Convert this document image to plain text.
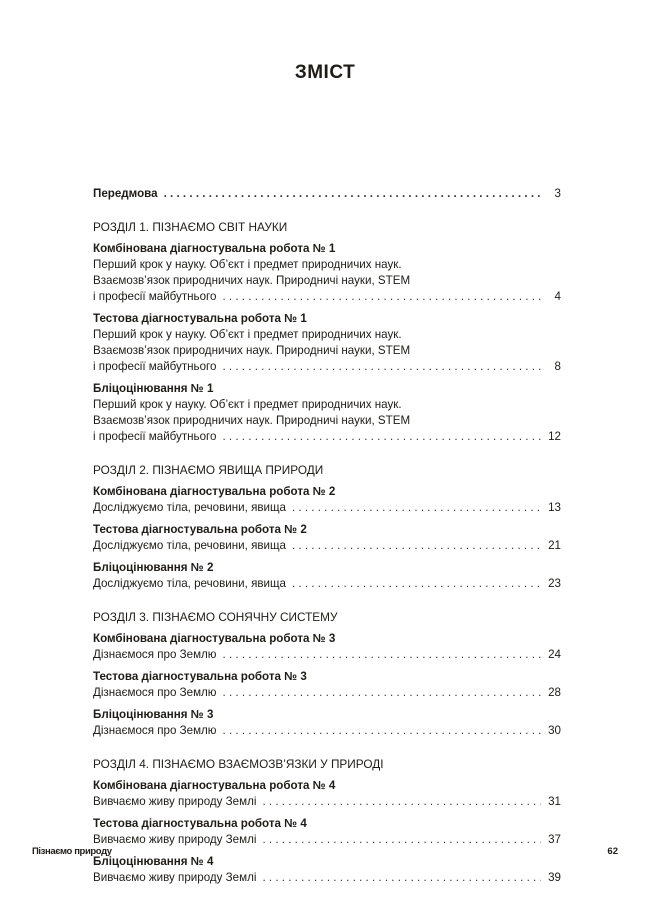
ЗМІСТ
Передмова . . .	3
РОЗДІЛ 1. ПІЗНАЄМО СВІТ НАУКИ
Комбінована діагностувальна робота № 1
Перший крок у науку. Об’єкт і предмет природничих наук.
Взаємозв’язок природничих наук. Природничі науки, STEM
і професії майбутнього . . .	4
Тестова діагностувальна робота № 1
Перший крок у науку. Об’єкт і предмет природничих наук.
Взаємозв’язок природничих наук. Природничі науки, STEM
і професії майбутнього . . .	8
Бліцоцінювання № 1
Перший крок у науку. Об’єкт і предмет природничих наук.
Взаємозв’язок природничих наук. Природничі науки, STEM
і професії майбутнього . . .	12
РОЗДІЛ 2. ПІЗНАЄМО ЯВИЩА ПРИРОДИ
Комбінована діагностувальна робота № 2
Досліджуємо тіла, речовини, явища . . .	13
Тестова діагностувальна робота № 2
Досліджуємо тіла, речовини, явища . . .	21
Бліцоцінювання № 2
Досліджуємо тіла, речовини, явища . . .	23
РОЗДІЛ 3. ПІЗНАЄМО СОНЯЧНУ СИСТЕМУ
Комбінована діагностувальна робота № 3
Дізнаємося про Землю . . .	24
Тестова діагностувальна робота № 3
Дізнаємося про Землю . . .	28
Бліцоцінювання № 3
Дізнаємося про Землю . . .	30
РОЗДІЛ 4. ПІЗНАЄМО ВЗАЄМОЗВ’ЯЗКИ У ПРИРОДІ
Комбінована діагностувальна робота № 4
Вивчаємо живу природу Землі . . .	31
Тестова діагностувальна робота № 4
Вивчаємо живу природу Землі . . .	37
Бліцоцінювання № 4
Вивчаємо живу природу Землі . . .	39
Пізнаємо природу	62
